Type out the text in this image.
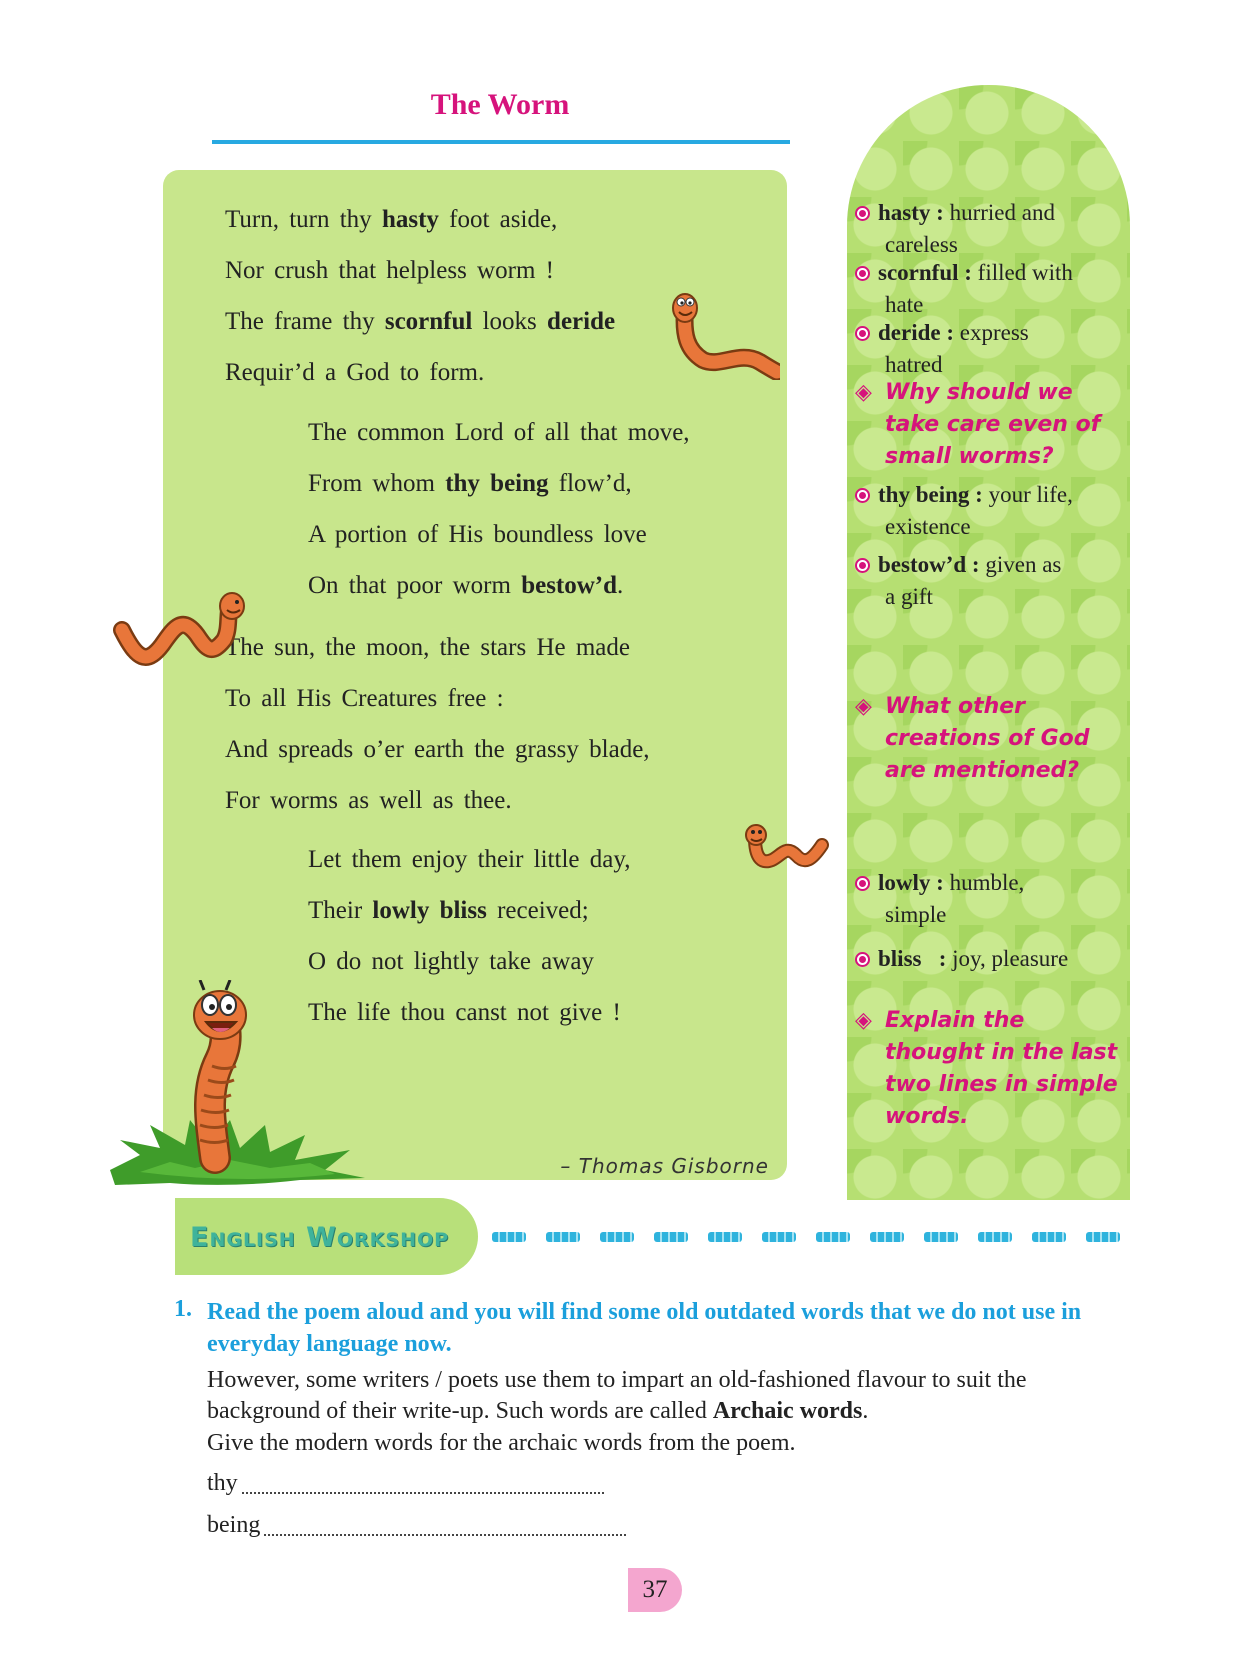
The Worm
Turn, turn thy hasty foot aside,
Nor crush that helpless worm !
The frame thy scornful looks deride
Requir’d a God to form.
The common Lord of all that move,
From whom thy being flow’d,
A portion of His boundless love
On that poor worm bestow’d.
The sun, the moon, the stars He made
To all His Creatures free :
And spreads o’er earth the grassy blade,
For worms as well as thee.
Let them enjoy their little day,
Their lowly bliss received;
O do not lightly take away
The life thou canst not give !
– Thomas Gisborne
hasty : hurried and
careless
scornful : filled with
hate
deride : express
hatred
thy being : your life,
existence
bestow’d : given as
a gift
lowly : humble,
simple
bliss   : joy, pleasure
◈ Why should we take care even of small worms?
◈ What other creations of God are mentioned?
◈ Explain the thought in the last two lines in simple words.
English Workshop
1. Read the poem aloud and you will find some old outdated words that we do not use in everyday language now.
However, some writers / poets use them to impart an old-fashioned flavour to suit the background of their write-up. Such words are called Archaic words.
Give the modern words for the archaic words from the poem.
thy
being
37
